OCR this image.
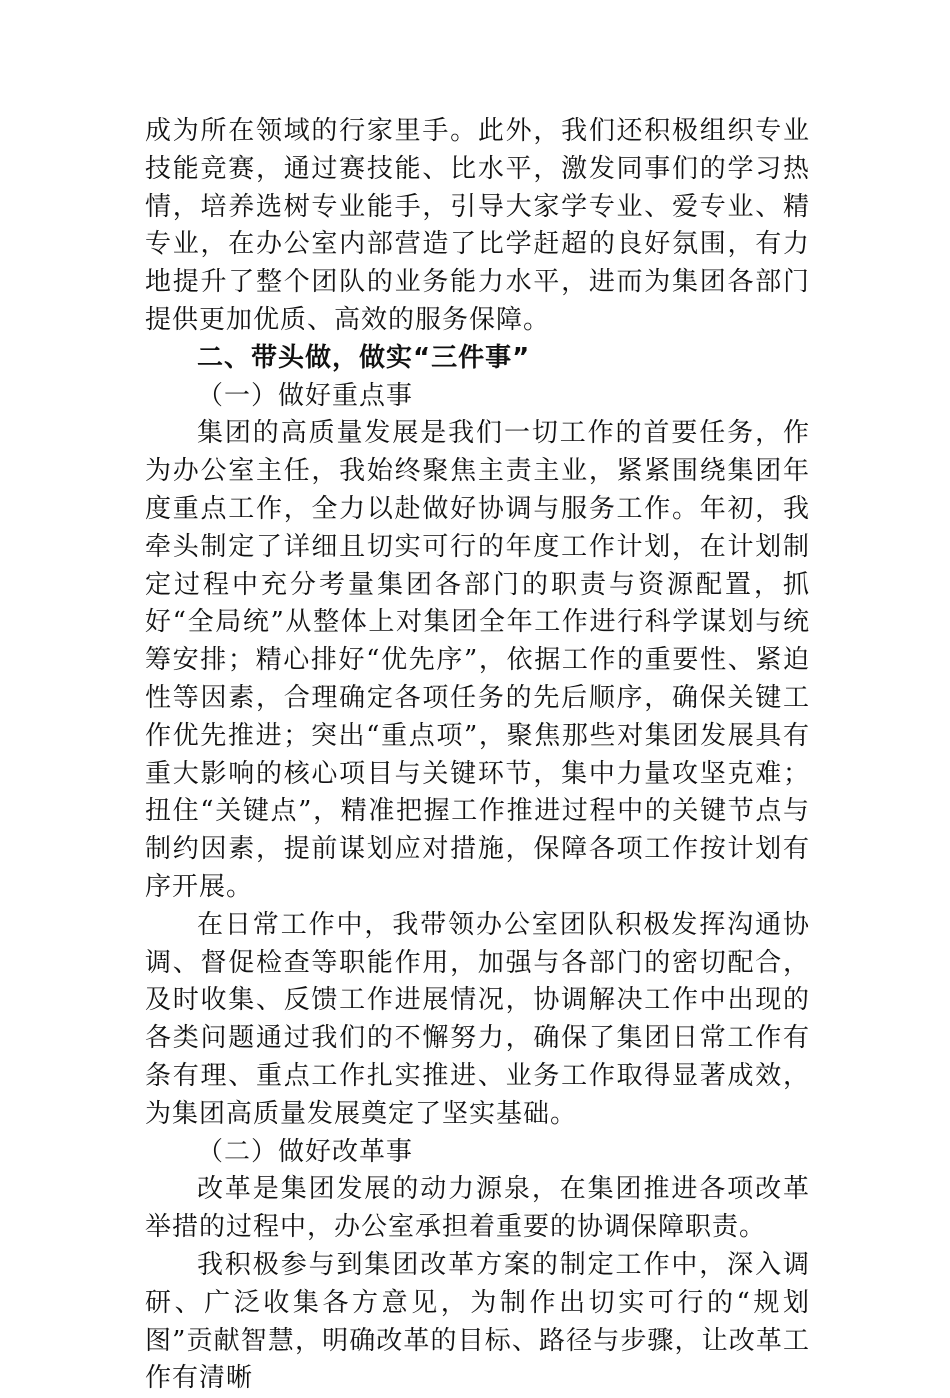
成为所在领域的行家里手。此外，我们还积极组织专业技能竞赛，通过赛技能、比水平，激发同事们的学习热情，培养选树专业能手，引导大家学专业、爱专业、精专业，在办公室内部营造了比学赶超的良好氛围，有力地提升了整个团队的业务能力水平，进而为集团各部门提供更加优质、高效的服务保障。

二、带头做，做实“三件事”

（一）做好重点事

集团的高质量发展是我们一切工作的首要任务，作为办公室主任，我始终聚焦主责主业，紧紧围绕集团年度重点工作，全力以赴做好协调与服务工作。年初，我牵头制定了详细且切实可行的年度工作计划，在计划制定过程中充分考量集团各部门的职责与资源配置，抓好“全局统”从整体上对集团全年工作进行科学谋划与统筹安排；精心排好“优先序”，依据工作的重要性、紧迫性等因素，合理确定各项任务的先后顺序，确保关键工作优先推进；突出“重点项”，聚焦那些对集团发展具有重大影响的核心项目与关键环节，集中力量攻坚克难；扭住“关键点”，精准把握工作推进过程中的关键节点与制约因素，提前谋划应对措施，保障各项工作按计划有序开展。

在日常工作中，我带领办公室团队积极发挥沟通协调、督促检查等职能作用，加强与各部门的密切配合，及时收集、反馈工作进展情况，协调解决工作中出现的各类问题通过我们的不懈努力，确保了集团日常工作有条有理、重点工作扎实推进、业务工作取得显著成效，为集团高质量发展奠定了坚实基础。

（二）做好改革事

改革是集团发展的动力源泉，在集团推进各项改革举措的过程中，办公室承担着重要的协调保障职责。

我积极参与到集团改革方案的制定工作中，深入调研、广泛收集各方意见，为制作出切实可行的“规划图”贡献智慧，明确改革的目标、路径与步骤，让改革工作有清晰
